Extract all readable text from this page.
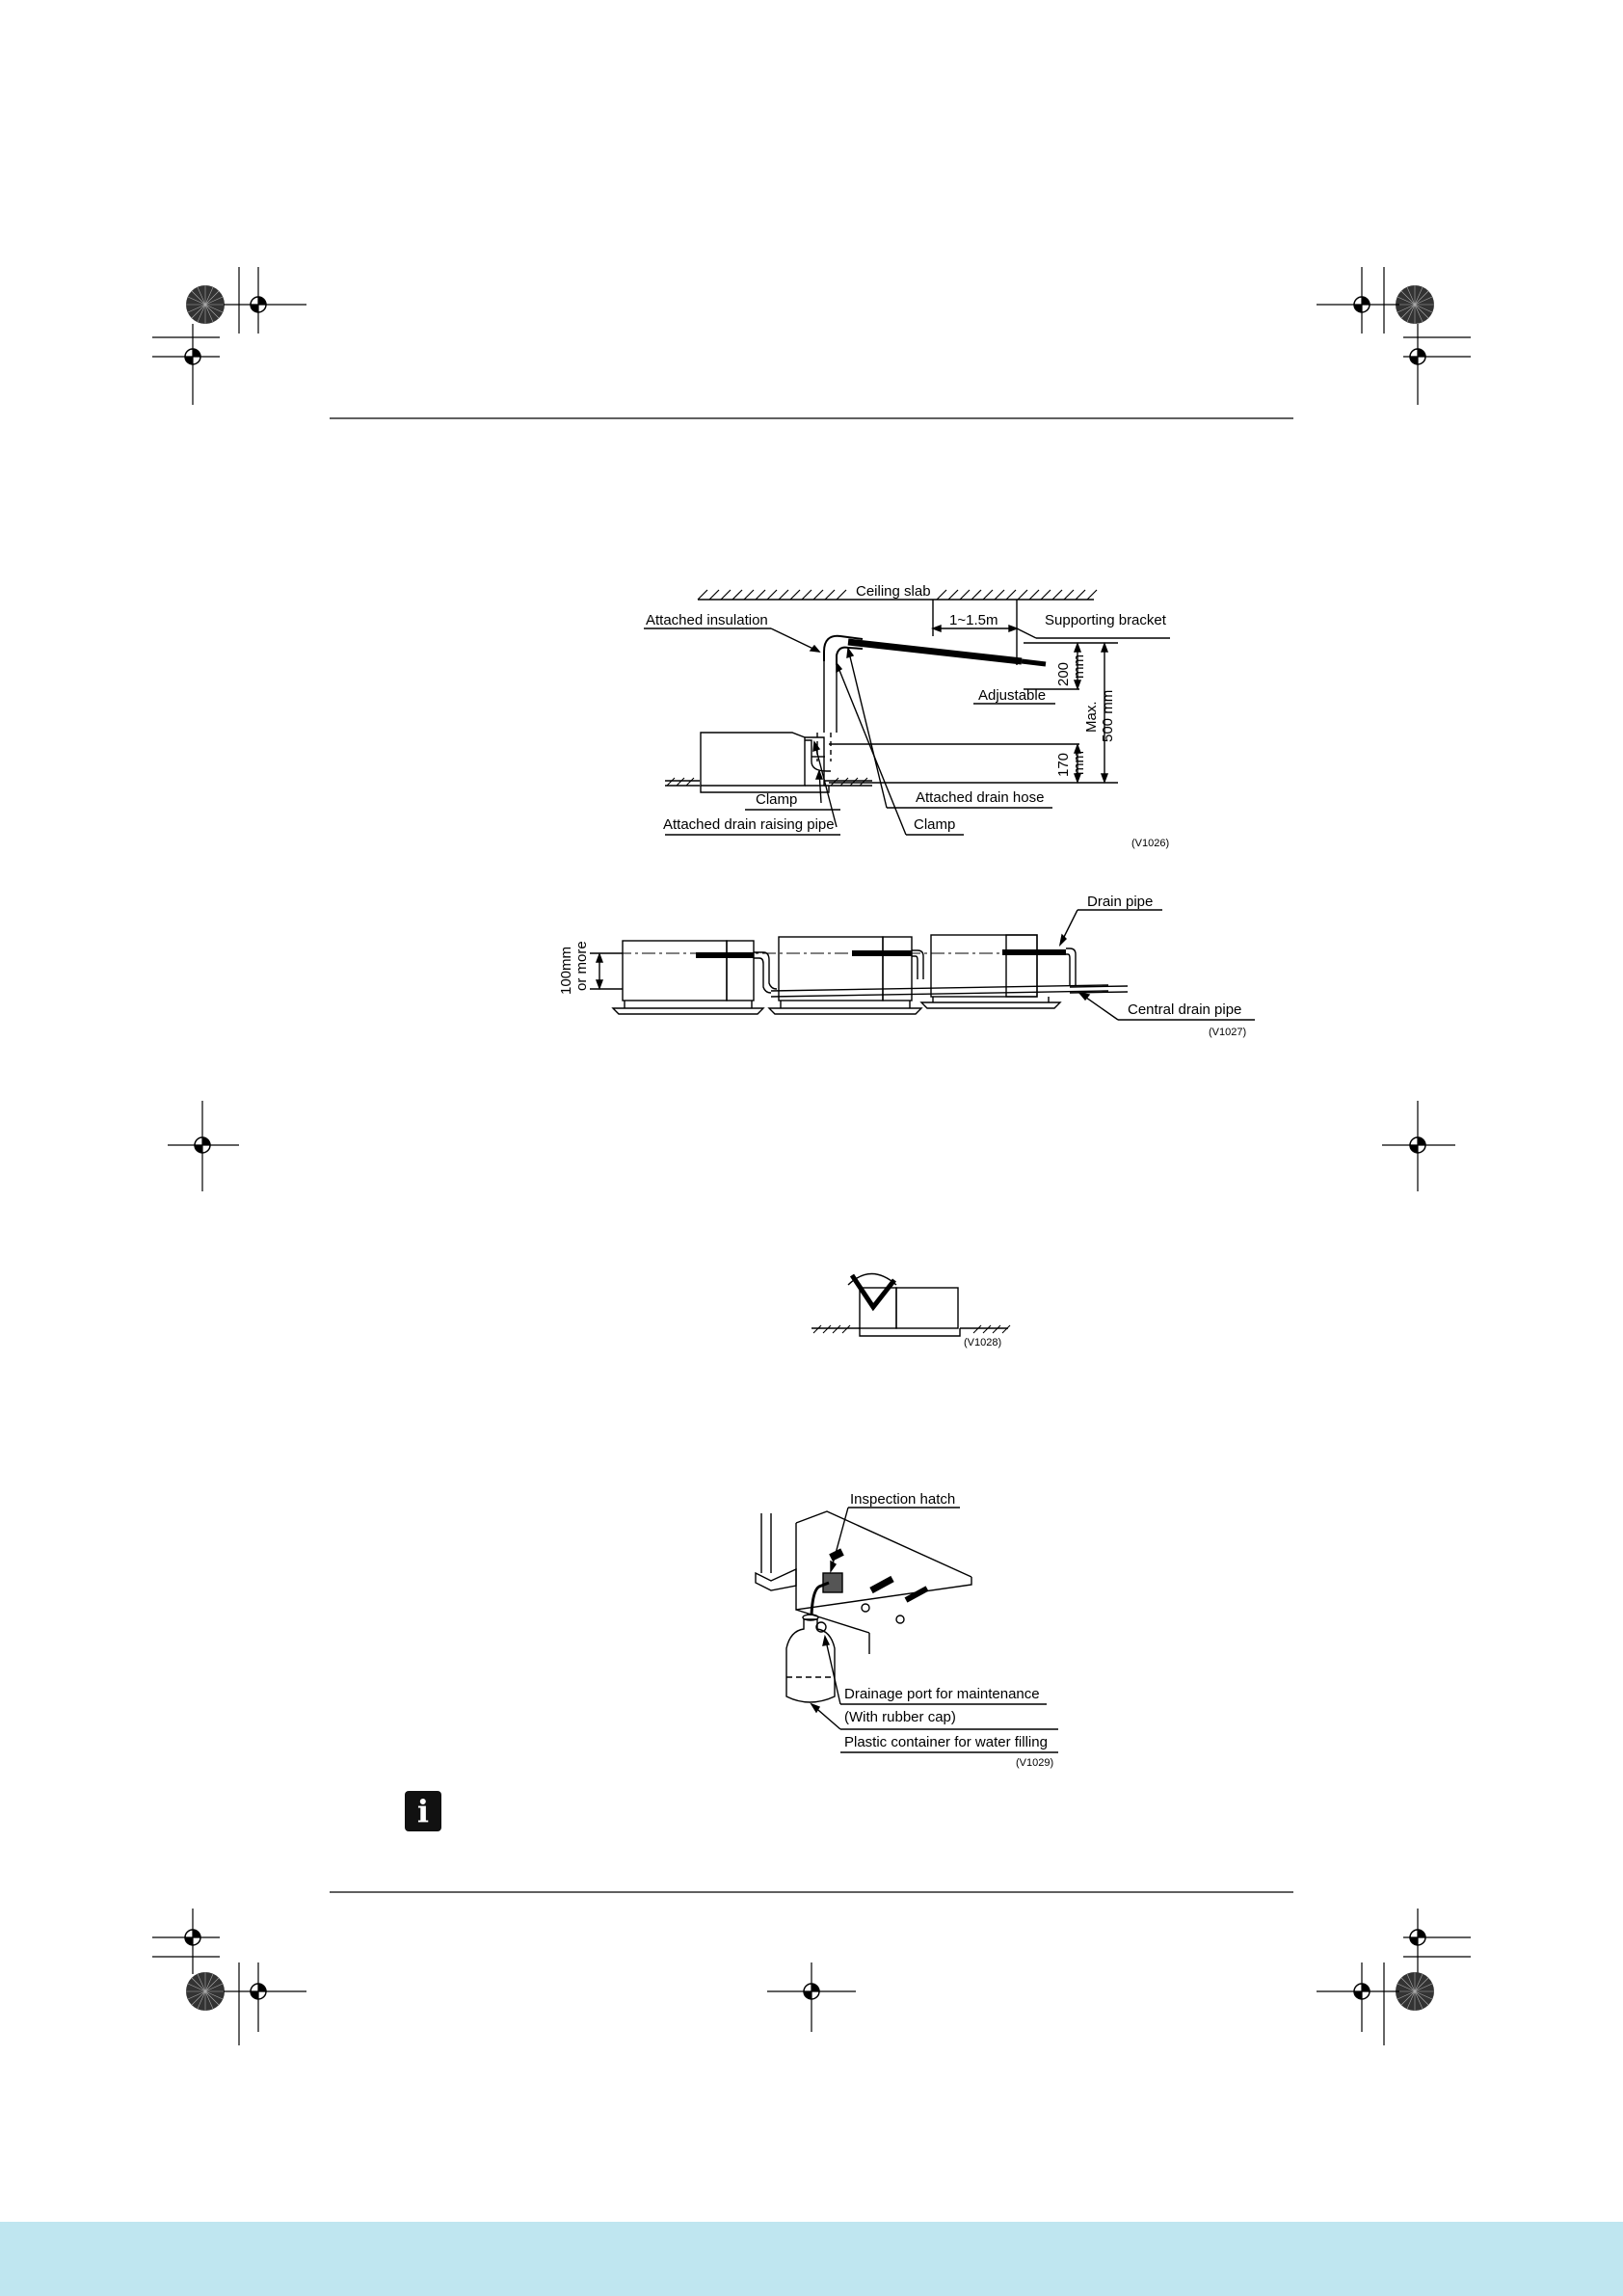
Ceiling slab
Attached insulation	1~1.5m	Supporting bracket
Adjustable
200 mm
Max. 500 mm
170 mm
Clamp	Attached drain hose
Attached drain raising pipe	Clamp
(V1026)
100mm or more
Drain pipe
Central drain pipe
(V1027)
(V1028)
Inspection hatch
Drainage port for maintenance
(With rubber cap)
Plastic container for water filling
(V1029)
i
